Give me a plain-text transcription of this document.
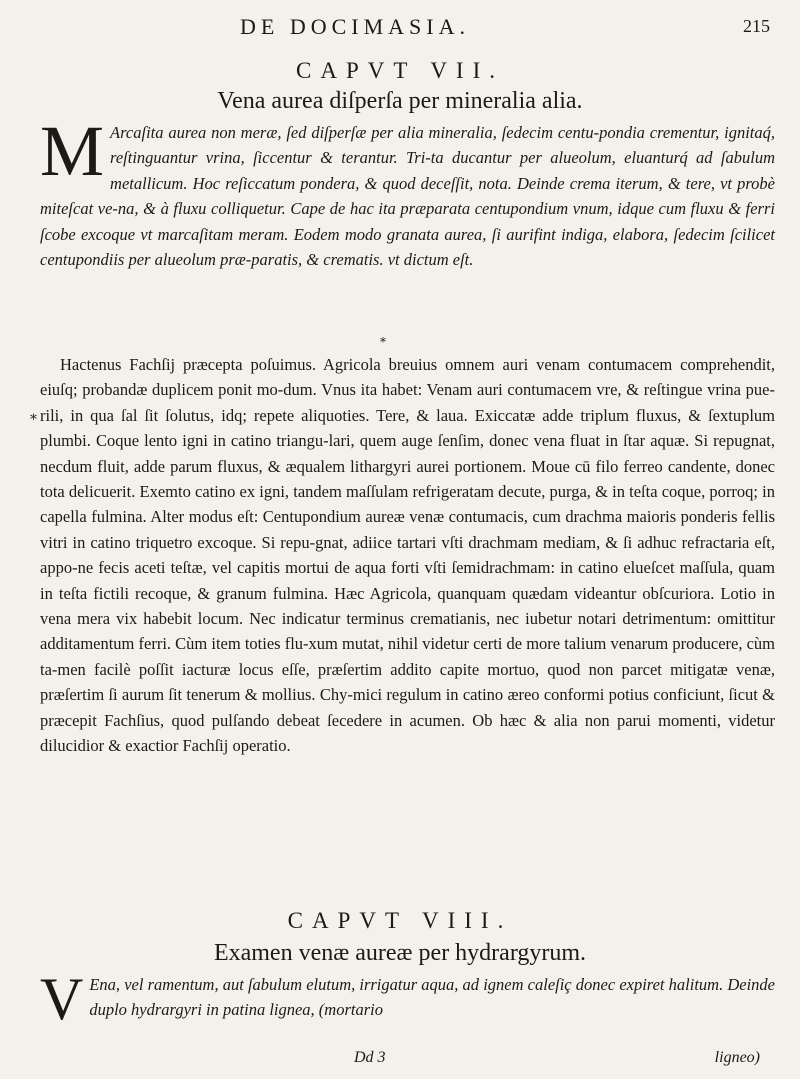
DE DOCIMASIA.	215
CAPVT VII.
Vena aurea diſperſa per mineralia alia.
M Arcaſita aurea non meræ, ſed diſperſæ per alia mineralia, ſedecim centu-pondia crementur, ignitaq́, reſtinguantur vrina, ſiccentur & terantur. Tri-ta ducantur per alueolum, eluanturq́ ad ſabulum metallicum. Hoc reſiccatum pondera, & quod deceſſit, nota. Deinde crema iterum, & tere, vt probè miteſcat ve-na, & à fluxu colliquetur. Cape de hac ita præparata centupondium vnum, idque cum fluxu & ferri ſcobe excoque vt marcaſitam meram. Eodem modo granata aurea, ſi aurifint indiga, elabora, ſedecim ſcilicet centupondiis per alueolum præ-paratis, & crematis. vt dictum eſt.
*

Hactenus Fachſij præcepta poſuimus. Agricola breuius omnem auri venam contumacem comprehendit, eiuſq; probandæ duplicem ponit mo-dum. Vnus ita habet: Venam auri contumacem vre, & reſtingue vrina pue-rili, in qua ſal ſit ſolutus, idq; repete aliquoties. Tere, & laua. Exiccatæ adde triplum fluxus, & ſextuplum plumbi. Coque lento igni in catino triangu-lari, quem auge ſenſim, donec vena fluat in ſtar aquæ. Si repugnat, necdum fluit, adde parum fluxus, & æqualem lithargyri aurei portionem. Moue cū filo ferreo candente, donec tota delicuerit. Exemto catino ex igni, tandem maſſulam refrigeratam decute, purga, & in teſta coque, porroq; in capella fulmina. Alter modus eſt: Centupondium aureæ venæ contumacis, cum drachma maioris ponderis fellis vitri in catino triquetro excoque. Si repu-gnat, adiice tartari vſti drachmam mediam, & ſi adhuc refractaria eſt, appo-ne fecis aceti teſtæ, vel capitis mortui de aqua forti vſti ſemidrachmam: in catino elueſcet maſſula, quam in teſta fictili recoque, & granum fulmina. Hæc Agricola, quanquam quædam videantur obſcuriora. Lotio in vena mera vix habebit locum. Nec indicatur terminus crematianis, nec iubetur notari detrimentum: omittitur additamentum ferri. Cùm item toties flu-xum mutat, nihil videtur certi de more talium venarum producere, cùm ta-men facilè poſſit iacturæ locus eſſe, præſertim addito capite mortuo, quod non parcet mitigatæ venæ, præſertim ſi aurum ſit tenerum & mollius. Chy-mici regulum in catino æreo conformi potius conficiunt, ſicut & præcepit Fachſius, quod pulſando debeat ſecedere in acumen. Ob hæc & alia non parui momenti, videtur dilucidior & exactior Fachſij operatio.

*
CAPVT VIII.
Examen venæ aureæ per hydrargyrum.
V Ena, vel ramentum, aut ſabulum elutum, irrigatur aqua, ad ignem caleſiç donec expiret halitum. Deinde duplo hydrargyri in patina lignea, (mortario
Dd 3	ligneo)
